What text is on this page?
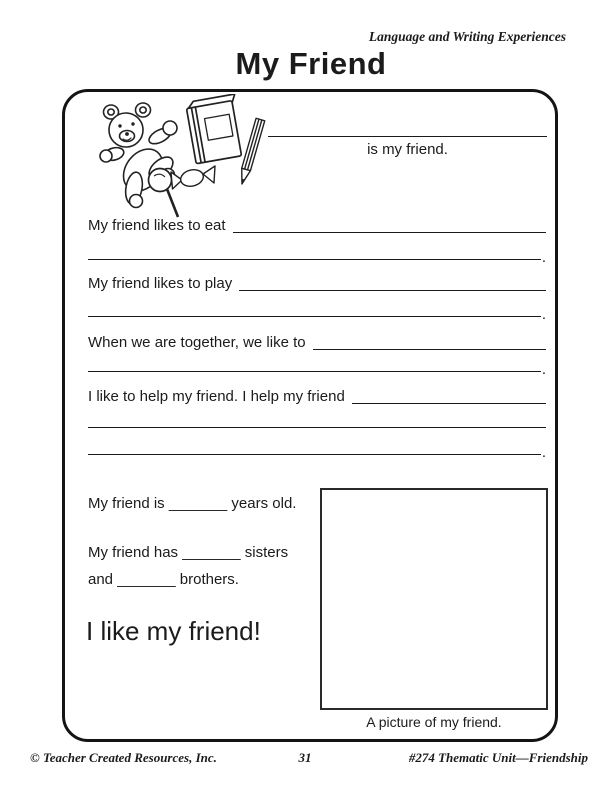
Language and Writing Experiences
My Friend
is my friend.
My friend likes to eat
.
My friend likes to play
.
When we are together, we like to
.
I like to help my friend. I help my friend
.
My friend is _______ years old.
My friend has _______ sisters
and _______ brothers.
I like my friend!
A picture of my friend.
© Teacher Created Resources, Inc.	31	#274 Thematic Unit—Friendship
